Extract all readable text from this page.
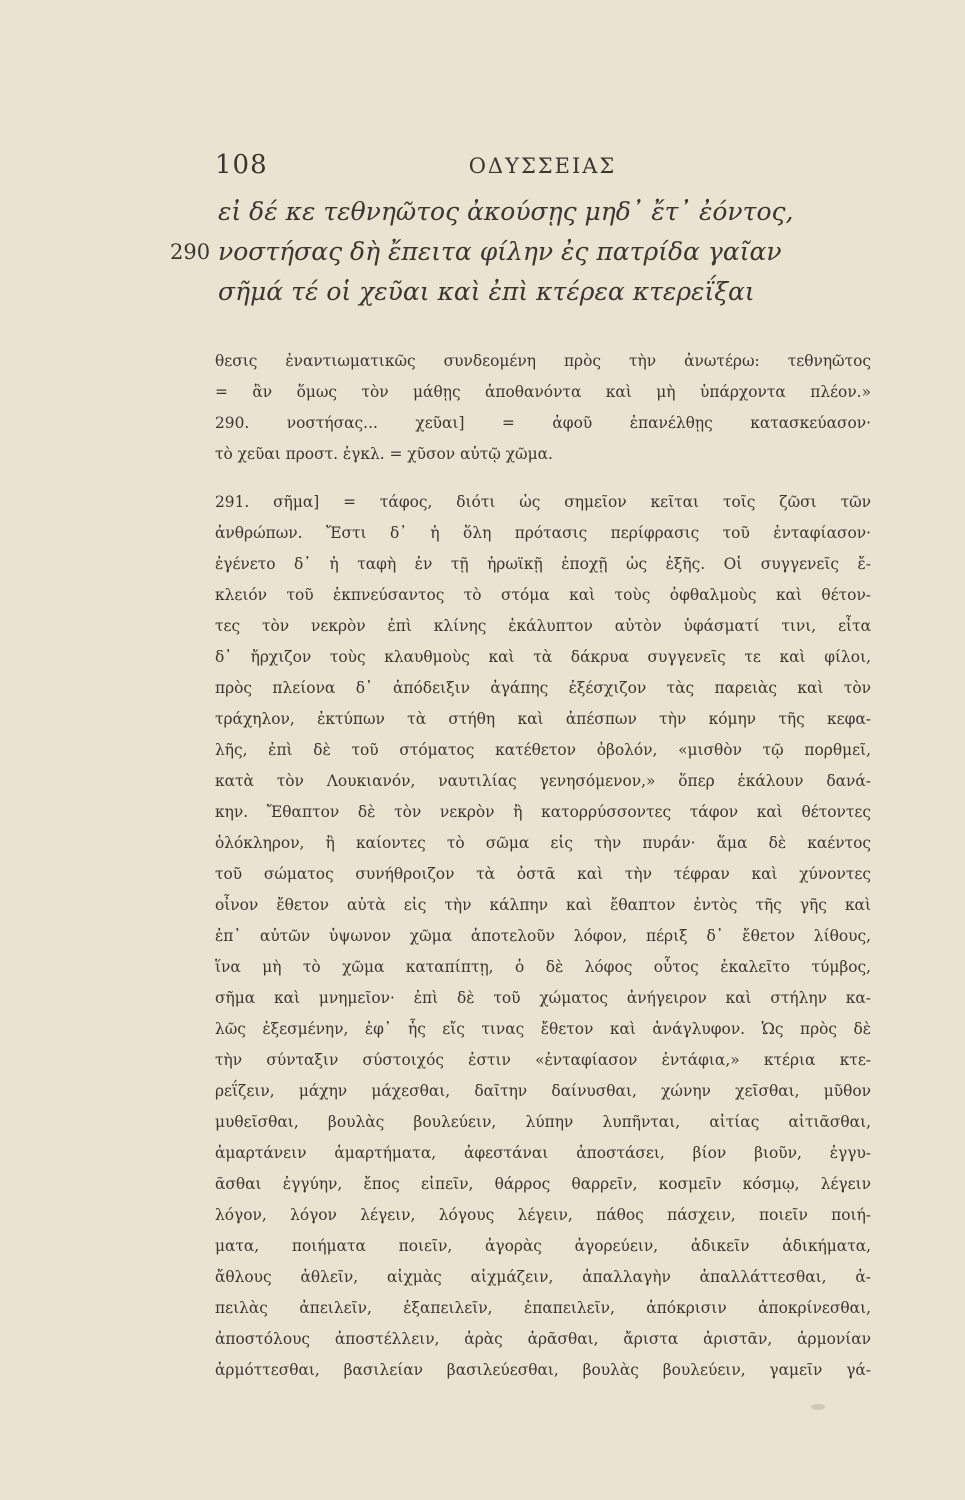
108	ΟΔΥΣΣΕΙΑΣ
εἰ δέ κε τεθνηῶτος ἀκούσῃς μηδ᾽ ἔτ᾽ ἐόντος,
290 νοστήσας δὴ ἔπειτα φίλην ἐς πατρίδα γαῖαν
σῆμά τέ οἱ χεῦαι καὶ ἐπὶ κτέρεα κτερεΐξαι
θεσις ἐναντιωματικῶς συνδεομένη πρὸς τὴν ἀνωτέρω: τεθνηῶτος
= ἂν ὅμως τὸν μάθῃς ἀποθανόντα καὶ μὴ ὑπάρχοντα πλέον.»
290. νοστήσας... χεῦαι] = ἀφοῦ ἐπανέλθῃς κατασκεύασον·
τὸ χεῦαι προστ. ἐγκλ. = χῦσον αὐτῷ χῶμα.
291. σῆμα] = τάφος, διότι ὡς σημεῖον κεῖται τοῖς ζῶσι τῶν
ἀνθρώπων. Ἔστι δ᾽ ἡ ὅλη πρότασις περίφρασις τοῦ ἐνταφίασον·
ἐγένετο δ᾽ ἡ ταφὴ ἐν τῇ ἡρωϊκῇ ἐποχῇ ὡς ἑξῆς. Οἱ συγγενεῖς ἔ-
κλειόν τοῦ ἐκπνεύσαντος τὸ στόμα καὶ τοὺς ὀφθαλμοὺς καὶ θέτον-
τες τὸν νεκρὸν ἐπὶ κλίνης ἐκάλυπτον αὐτὸν ὑφάσματί τινι, εἶτα
δ᾽ ἤρχιζον τοὺς κλαυθμοὺς καὶ τὰ δάκρυα συγγενεῖς τε καὶ φίλοι,
πρὸς πλείονα δ᾽ ἀπόδειξιν ἀγάπης ἐξέσχιζον τὰς παρειὰς καὶ τὸν
τράχηλον, ἐκτύπων τὰ στήθη καὶ ἀπέσπων τὴν κόμην τῆς κεφα-
λῆς, ἐπὶ δὲ τοῦ στόματος κατέθετον ὀβολόν, «μισθὸν τῷ πορθμεῖ,
κατὰ τὸν Λουκιανόν, ναυτιλίας γενησόμενον,» ὅπερ ἐκάλουν δανά-
κην. Ἔθαπτον δὲ τὸν νεκρὸν ἢ κατορρύσσοντες τάφον καὶ θέτοντες
ὁλόκληρον, ἢ καίοντες τὸ σῶμα εἰς τὴν πυράν· ἅμα δὲ καέντος
τοῦ σώματος συνήθροιζον τὰ ὀστᾶ καὶ τὴν τέφραν καὶ χύνοντες
οἶνον ἔθετον αὐτὰ εἰς τὴν κάλπην καὶ ἔθαπτον ἐντὸς τῆς γῆς καὶ
ἐπ᾽ αὐτῶν ὑψωνον χῶμα ἀποτελοῦν λόφον, πέριξ δ᾽ ἔθετον λίθους,
ἵνα μὴ τὸ χῶμα καταπίπτῃ, ὁ δὲ λόφος οὗτος ἐκαλεῖτο τύμβος,
σῆμα καὶ μνημεῖον· ἐπὶ δὲ τοῦ χώματος ἀνήγειρον καὶ στήλην κα-
λῶς ἐξεσμένην, ἐφ᾽ ἧς εἴς τινας ἔθετον καὶ ἀνάγλυφον. Ὡς πρὸς δὲ
τὴν σύνταξιν σύστοιχός ἐστιν «ἐνταφίασον ἐντάφια,» κτέρια κτε-
ρεΐζειν, μάχην μάχεσθαι, δαῖτην δαίνυσθαι, χώνην χεῖσθαι, μῦθον
μυθεῖσθαι, βουλὰς βουλεύειν, λύπην λυπῆνται, αἰτίας αἰτιᾶσθαι,
ἁμαρτάνειν ἁμαρτήματα, ἀφεστάναι ἀποστάσει, βίον βιοῦν, ἐγγυ-
ᾶσθαι ἐγγύην, ἔπος εἰπεῖν, θάρρος θαρρεῖν, κοσμεῖν κόσμῳ, λέγειν
λόγον, λόγον λέγειν, λόγους λέγειν, πάθος πάσχειν, ποιεῖν ποιή-
ματα, ποιήματα ποιεῖν, ἀγορὰς ἀγορεύειν, ἀδικεῖν ἀδικήματα,
ἄθλους ἀθλεῖν, αἰχμὰς αἰχμάζειν, ἀπαλλαγὴν ἀπαλλάττεσθαι, ἀ-
πειλὰς ἀπειλεῖν, ἐξαπειλεῖν, ἐπαπειλεῖν, ἀπόκρισιν ἀποκρίνεσθαι,
ἀποστόλους ἀποστέλλειν, ἀρὰς ἀρᾶσθαι, ἄριστα ἀριστᾶν, ἁρμονίαν
ἁρμόττεσθαι, βασιλείαν βασιλεύεσθαι, βουλὰς βουλεύειν, γαμεῖν γά-
